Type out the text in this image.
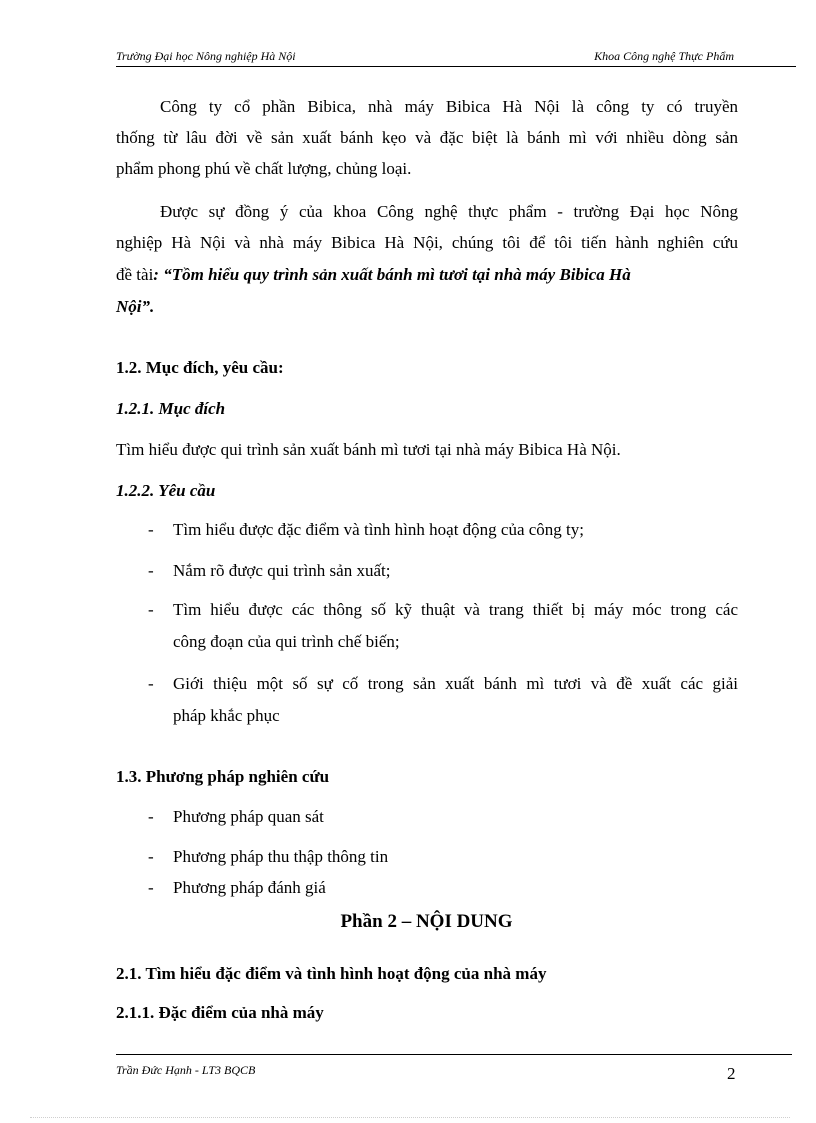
Trường Đại học Nông nghiệp Hà Nội	Khoa Công nghệ Thực Phẩm
Công ty cổ phần Bibica, nhà máy Bibica Hà Nội là công ty có truyền
thống từ lâu đời về sản xuất bánh kẹo và đặc biệt là bánh mì với nhiều dòng sản
phẩm phong phú về chất lượng, chủng loại.
Được sự đồng ý của khoa Công nghệ thực phẩm - trường Đại học Nông
nghiệp Hà Nội và nhà máy Bibica Hà Nội, chúng tôi để tôi tiến hành nghiên cứu
đề tài: “Tồm hiểu quy trình sản xuất bánh mì tươi tại nhà máy Bibica Hà
Nội”.
1.2. Mục đích, yêu cầu:
1.2.1. Mục đích
Tìm hiểu được qui trình sản xuất bánh mì tươi tại nhà máy Bibica Hà Nội.
1.2.2. Yêu cầu
- Tìm hiểu được đặc điểm và tình hình hoạt động của công ty;
- Nắm rõ được qui trình sản xuất;
- Tìm hiểu được các thông số kỹ thuật và trang thiết bị máy móc trong các
công đoạn của qui trình chế biến;
- Giới thiệu một số sự cố trong sản xuất bánh mì tươi và đề xuất các giải
pháp khắc phục
1.3. Phương pháp nghiên cứu
- Phương pháp quan sát
- Phương pháp thu thập thông tin
- Phương pháp đánh giá
Phần 2 – NỘI DUNG
2.1. Tìm hiểu đặc điểm và tình hình hoạt động của nhà máy
2.1.1. Đặc điểm của nhà máy
Trần Đức Hạnh - LT3 BQCB	2
